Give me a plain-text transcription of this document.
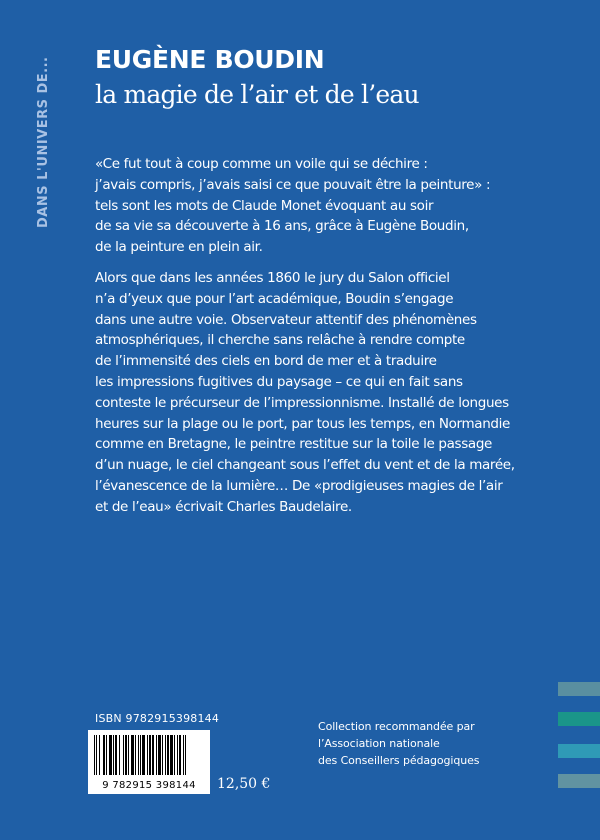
DANS L'UNIVERS DE... EUGÈNE BOUDIN
la magie de l’air et de l’eau
«Ce fut tout à coup comme un voile qui se déchire :
j’avais compris, j’avais saisi ce que pouvait être la peinture» :
tels sont les mots de Claude Monet évoquant au soir
de sa vie sa découverte à 16 ans, grâce à Eugène Boudin,
de la peinture en plein air.
Alors que dans les années 1860 le jury du Salon officiel
n’a d’yeux que pour l’art académique, Boudin s’engage
dans une autre voie. Observateur attentif des phénomènes
atmosphériques, il cherche sans relâche à rendre compte
de l’immensité des ciels en bord de mer et à traduire
les impressions fugitives du paysage – ce qui en fait sans
conteste le précurseur de l’impressionnisme. Installé de longues
heures sur la plage ou le port, par tous les temps, en Normandie
comme en Bretagne, le peintre restitue sur la toile le passage
d’un nuage, le ciel changeant sous l’effet du vent et de la marée,
l’évanescence de la lumière… De «prodigieuses magies de l’air
et de l’eau» écrivait Charles Baudelaire.
ISBN 9782915398144
9 782915 398144	12,50 €
Collection recommandée par
l’Association nationale
des Conseillers pédagogiques
